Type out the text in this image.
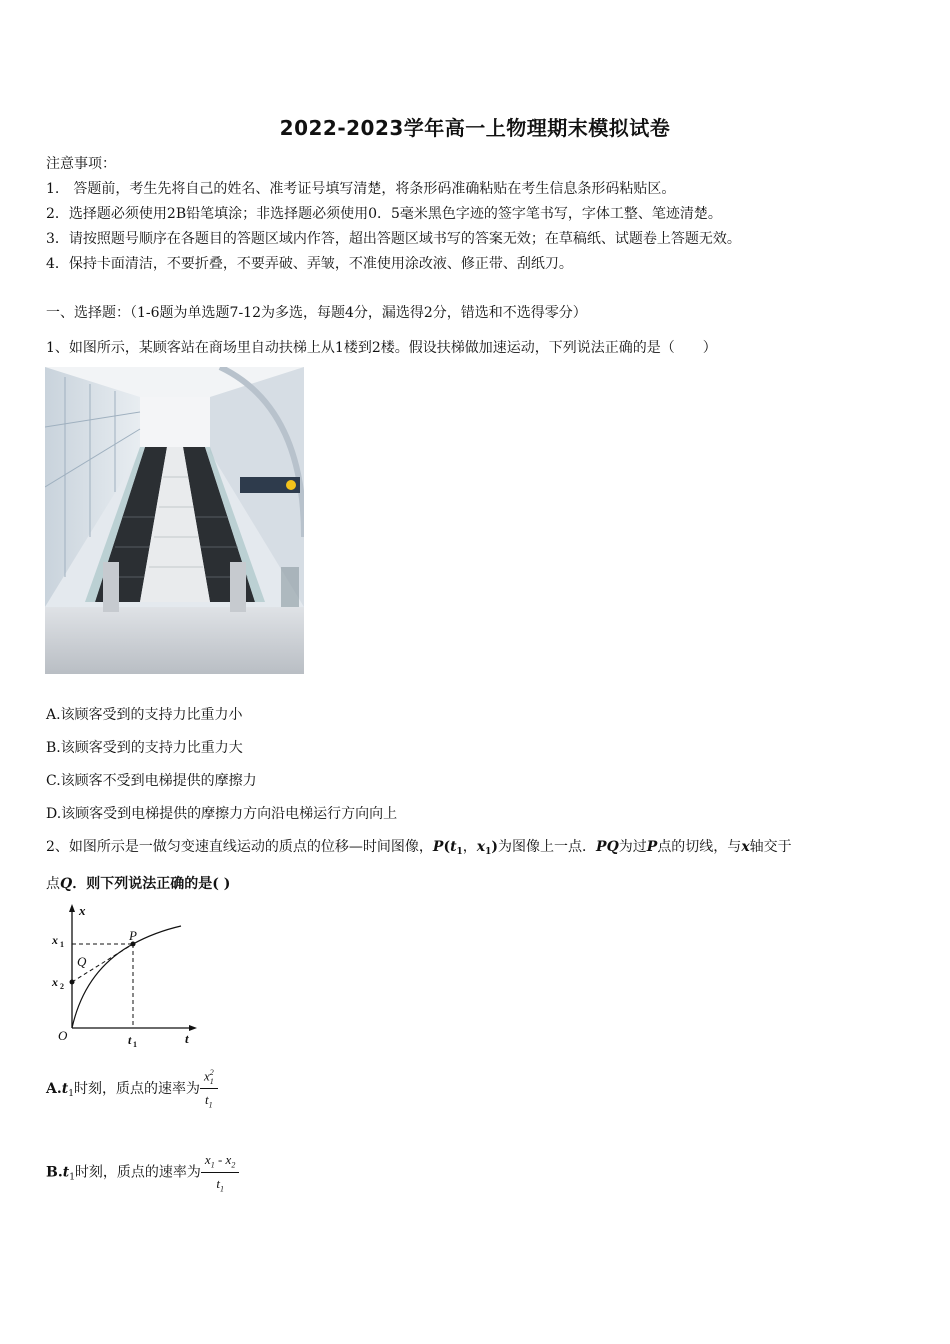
2022-2023学年高一上物理期末模拟试卷
注意事项：
1.　答题前，考生先将自己的姓名、准考证号填写清楚，将条形码准确粘贴在考生信息条形码粘贴区。
2．选择题必须使用2B铅笔填涂；非选择题必须使用0．5毫米黑色字迹的签字笔书写，字体工整、笔迹清楚。
3．请按照题号顺序在各题目的答题区域内作答，超出答题区域书写的答案无效；在草稿纸、试题卷上答题无效。
4．保持卡面清洁，不要折叠，不要弄破、弄皱，不准使用涂改液、修正带、刮纸刀。
一、选择题：（1-6题为单选题7-12为多选，每题4分，漏选得2分，错选和不选得零分）
1、如图所示，某顾客站在商场里自动扶梯上从1楼到2楼。假设扶梯做加速运动，下列说法正确的是（　　）
A.该顾客受到的支持力比重力小
B.该顾客受到的支持力比重力大
C.该顾客不受到电梯提供的摩擦力
D.该顾客受到电梯提供的摩擦力方向沿电梯运行方向向上
2、如图所示是一做匀变速直线运动的质点的位移—时间图像，$P(t_1$，$x_1$)为图像上一点．PQ为过P点的切线，与x轴交于
点Q．则下列说法正确的是( )
x
t
x 1
x 2
P
Q
O	t 1
$A.t_1$时刻，质点的速率为 $\frac{x_1^2}{t_1}$
$B.t_1$时刻，质点的速率为 $\frac{x_1 - x_2}{t_1}$
